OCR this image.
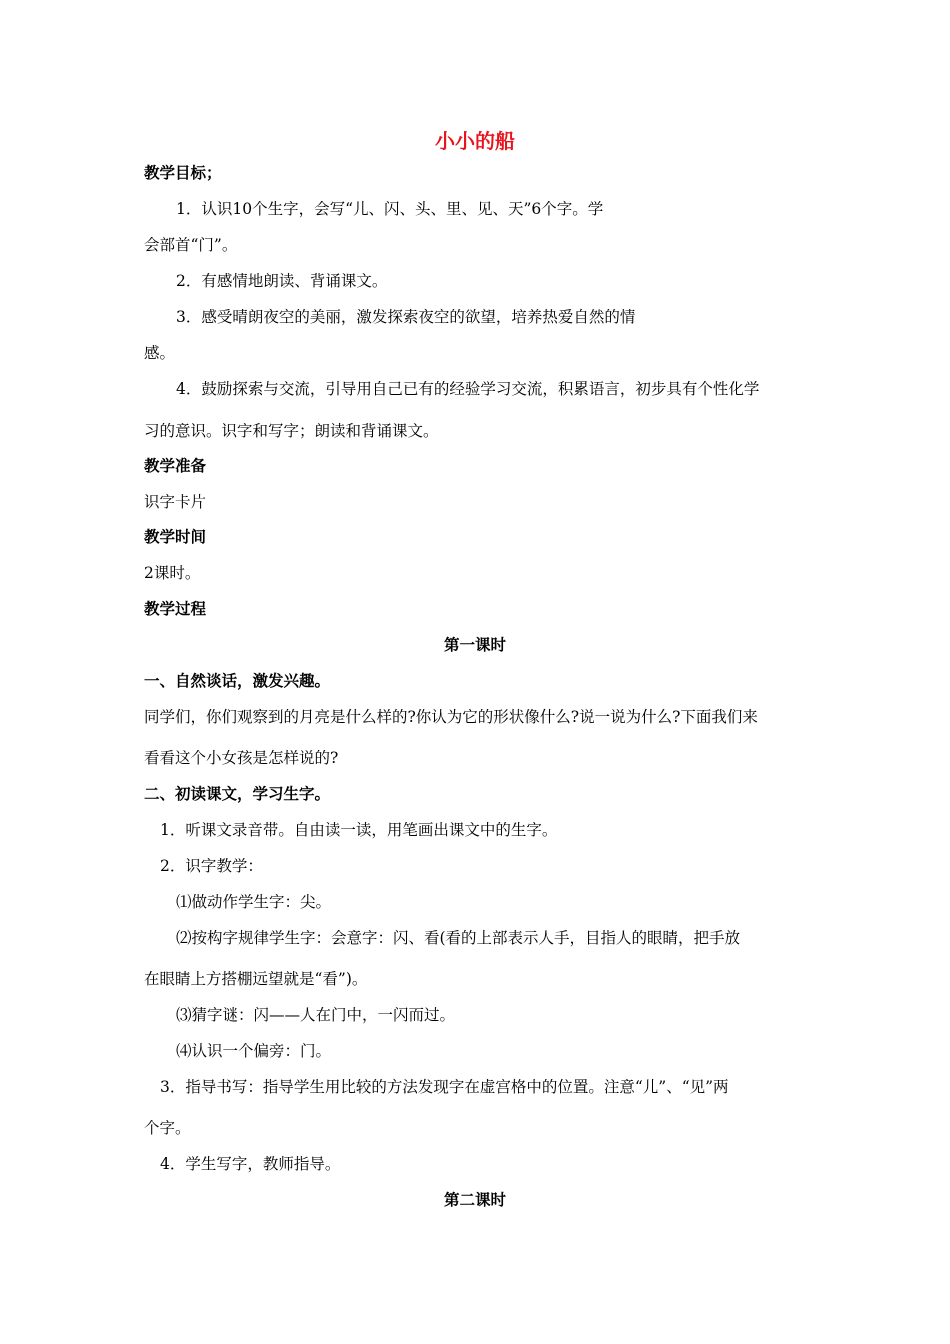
小小的船
教学目标；
1．认识10个生字，会写“儿、闪、头、里、见、天”6个字。学
会部首“门”。
2．有感情地朗读、背诵课文。
3．感受晴朗夜空的美丽，激发探索夜空的欲望，培养热爱自然的情
感。
4．鼓励探索与交流，引导用自己已有的经验学习交流，积累语言，初步具有个性化学
习的意识。识字和写字；朗读和背诵课文。
教学准备
识字卡片
教学时间
2课时。
教学过程
第一课时
一、自然谈话，激发兴趣。
同学们，你们观察到的月亮是什么样的?你认为它的形状像什么?说一说为什么?下面我们来
看看这个小女孩是怎样说的?
二、初读课文，学习生字。
1．听课文录音带。自由读一读，用笔画出课文中的生字。
2．识字教学：
⑴做动作学生字：尖。
⑵按构字规律学生字：会意字：闪、看(看的上部表示人手，目指人的眼睛，把手放
在眼睛上方搭棚远望就是“看”)。
⑶猜字谜：闪——人在门中，一闪而过。
⑷认识一个偏旁：门。
3．指导书写：指导学生用比较的方法发现字在虚宫格中的位置。注意“儿”、“见”两
个字。
4．学生写字，教师指导。
第二课时
